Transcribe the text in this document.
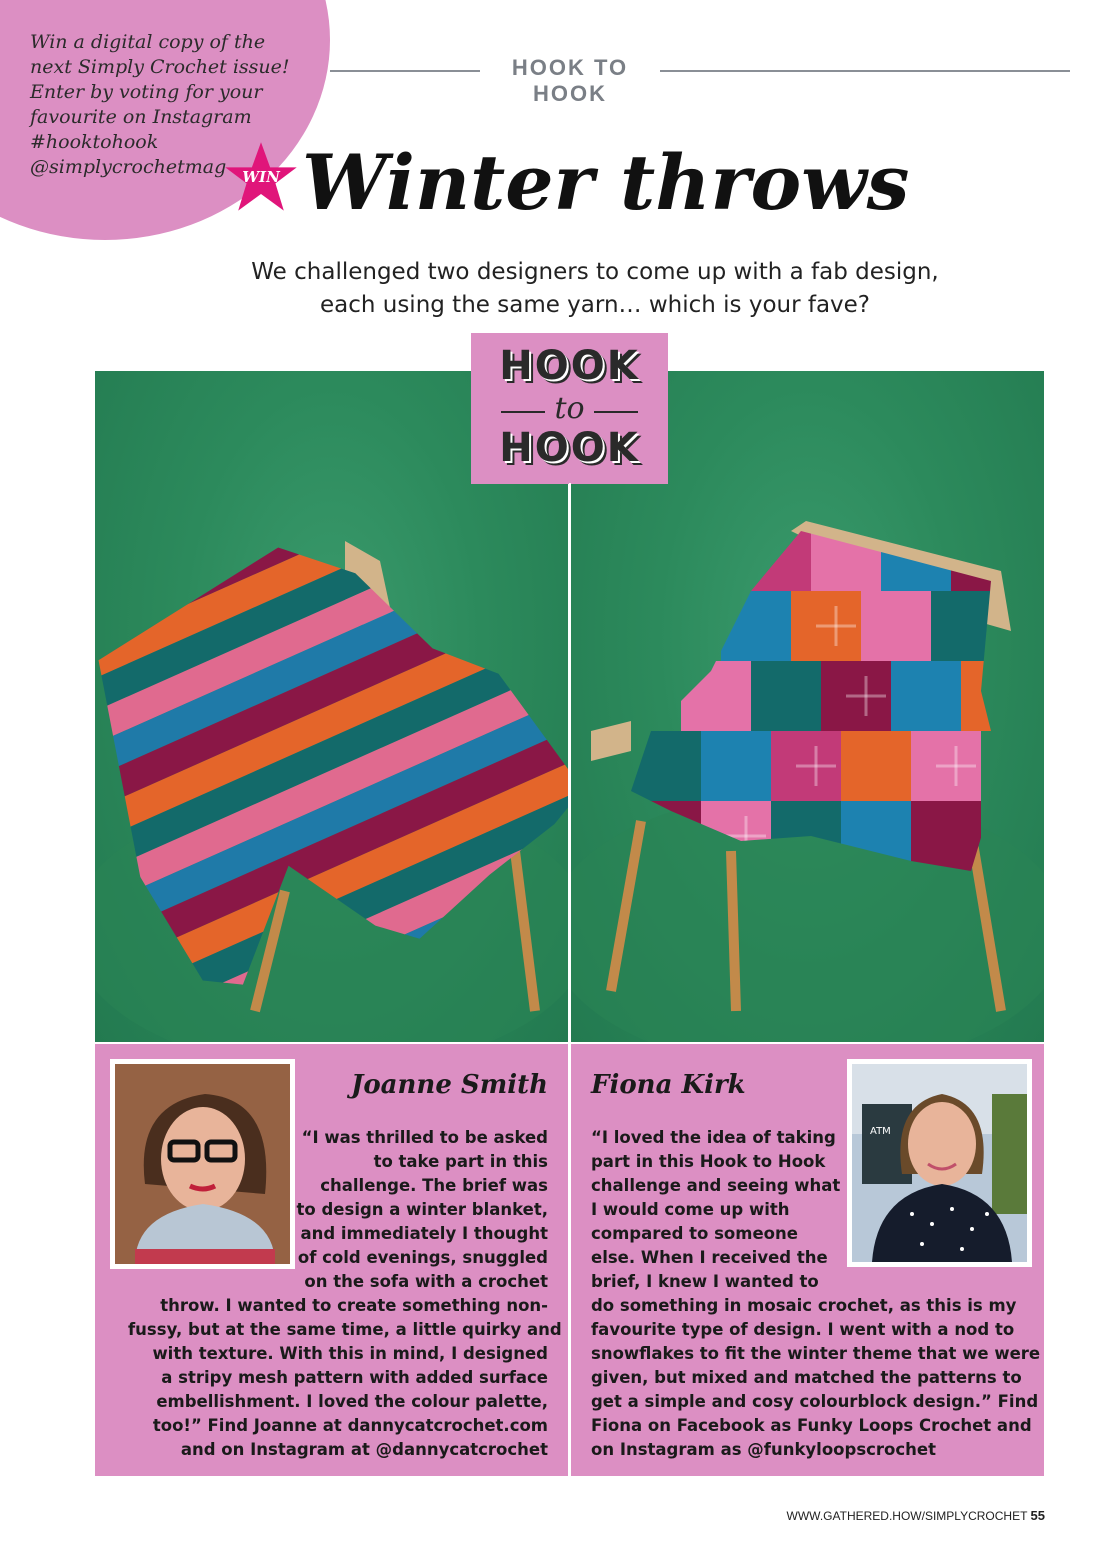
Win a digital copy of the
next Simply Crochet issue!
Enter by voting for your
favourite on Instagram
#hooktohook
@simplycrochetmag
HOOK TO HOOK
WIN Winter throws
We challenged two designers to come up with a fab design,
each using the same yarn… which is your fave?
HOOK
to
HOOK
Joanne Smith
“I was thrilled to be asked
to take part in this
challenge. The brief was
to design a winter blanket,
and immediately I thought
of cold evenings, snuggled
on the sofa with a crochet
throw. I wanted to create something non-
fussy, but at the same time, a little quirky and
with texture. With this in mind, I designed
a stripy mesh pattern with added surface
embellishment. I loved the colour palette,
too!” Find Joanne at dannycatcrochet.com
and on Instagram at @dannycatcrochet
Fiona Kirk
ATM
“I loved the idea of taking
part in this Hook to Hook
challenge and seeing what
I would come up with
compared to someone
else. When I received the
brief, I knew I wanted to
do something in mosaic crochet, as this is my
favourite type of design. I went with a nod to
snowflakes to fit the winter theme that we were
given, but mixed and matched the patterns to
get a simple and cosy colourblock design.” Find
Fiona on Facebook as Funky Loops Crochet and
on Instagram as @funkyloopscrochet
WWW.GATHERED.HOW/SIMPLYCROCHET 55
